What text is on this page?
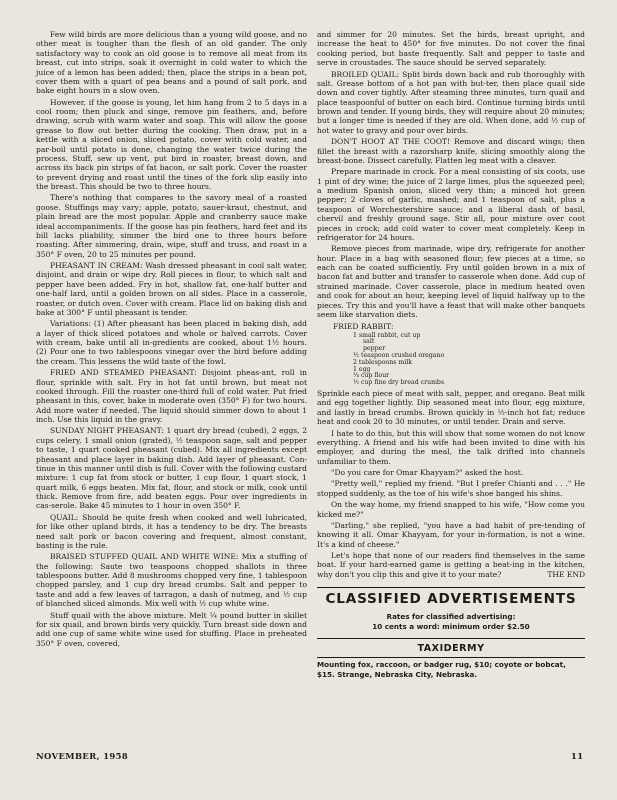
Few wild birds are more delicious than a young wild goose, and no other meat is tougher than the flesh of an old gander. The only satisfactory way to cook an old goose is to remove all meat from its breast, cut into strips, soak it overnight in cold water to which the juice of a lemon has been added; then, place the strips in a bean pot, cover them with a quart of pea beans and a pound of salt pork, and bake eight hours in a slow oven.

However, if the goose is young, let him hang from 2 to 5 days in a cool room; then pluck and singe, remove pin feathers, and, before drawing, scrub with warm water and soap. This will allow the goose grease to flow out better during the cooking. Then draw, put in a kettle with a sliced onion, sliced potato, cover with cold water, and par-boil until potato is done, changing the water twice during the process. Stuff, sew up vent, put bird in roaster, breast down, and across its back pin strips of fat bacon, or salt pork. Cover the roaster to prevent drying and roast until the tines of the fork slip easily into the breast. This should be two to three hours.

There's nothing that compares to the savory meal of a roasted goose. Stuffings may vary; apple, potato, sauer-kraut, chestnut, and plain bread are the most popular. Apple and cranberry sauce make ideal accompaniments. If the goose has pin feathers, hard feet and its bill lacks pliability, simmer the bird one to three hours before roasting. After simmering, drain, wipe, stuff and truss, and roast in a 350° F oven, 20 to 25 minutes per pound.

PHEASANT IN CREAM: Wash dressed pheasant in cool salt water, disjoint, and drain or wipe dry. Roll pieces in flour, to which salt and pepper have been added. Fry in hot, shallow fat, one-half butter and one-half lard, until a golden brown on all sides. Place in a casserole, roaster, or dutch oven. Cover with cream. Place lid on baking dish and bake at 300° F until pheasant is tender.

Variations: (1) After pheasant has been placed in baking dish, add a layer of thick sliced potatoes and whole or halved carrots. Cover with cream, bake until all in-gredients are cooked, about 1½ hours. (2) Pour one to two tablespoons vinegar over the bird before adding the cream. This lessens the wild taste of the fowl.

FRIED AND STEAMED PHEASANT: Disjoint pheas-ant, roll in flour, sprinkle with salt. Fry in hot fat until brown, but meat not cooked through. Fill the roaster one-third full of cold water. Put fried pheasant in this, cover, bake in moderate oven (350° F) for two hours. Add more water if needed. The liquid should simmer down to about 1 inch. Use this liquid in the gravy.

SUNDAY NIGHT PHEASANT: 1 quart dry bread (cubed), 2 eggs, 2 cups celery, 1 small onion (grated), ½ teaspoon sage, salt and pepper to taste, 1 quart cooked pheasant (cubed). Mix all ingredients except pheasant and place layer in baking dish. Add layer of pheasant. Con-tinue in this manner until dish is full. Cover with the following custard mixture: 1 cup fat from stock or butter, 1 cup flour, 1 quart stock, 1 quart milk, 6 eggs beaten. Mix fat, flour, and stock or milk, cook until thick. Remove from fire, add beaten eggs. Pour over ingredients in cas-serole. Bake 45 minutes to 1 hour in oven 350° F.

QUAIL: Should be quite fresh when cooked and well lubricated, for like other upland birds, it has a tendency to be dry. The breasts need salt pork or bacon covering and frequent, almost constant, basting is the rule.

BRAISED STUFFED QUAIL AND WHITE WINE: Mix a stuffing of the following: Saute two teaspoons chopped shallots in three tablespoons butter. Add 8 mushrooms chopped very fine, 1 tablespoon chopped parsley, and 1 cup dry bread crumbs. Salt and pepper to taste and add a few leaves of tarragon, a dash of nutmeg, and ½ cup of blanched sliced almonds. Mix well with ½ cup white wine.

Stuff quail with the above mixture. Melt ¼ pound butter in skillet for six quail, and brown birds very quickly. Turn breast side down and add one cup of same white wine used for stuffing. Place in preheated 350° F oven, covered,

and simmer for 20 minutes. Set the birds, breast upright, and increase the heat to 450° for five minutes. Do not cover the final cooking period, but baste frequently. Salt and pepper to taste and serve in croustades. The sauce should be served separately.

BROILED QUAIL: Split birds down back and rub thoroughly with salt. Grease bottom of a hot pan with but-ter, then place quail side down and cover tightly. After steaming three minutes, turn quail and place teaspoonful of butter on each bird. Continue turning birds until brown and tender. If young birds, they will require about 20 minutes; but a longer time is needed if they are old. When done, add ½ cup of hot water to gravy and pour over birds.

DON'T HOOT AT THE COOT! Remove and discard wings; then fillet the breast with a razorsharp knife, slicing smoothly along the breast-bone. Dissect carefully. Flatten leg meat with a cleaver.

Prepare marinade in crock. For a meal consisting of six coots, use 1 pint of dry wine; the juice of 2 large limes, plus the squeezed peel; a medium Spanish onion, sliced very thin; a minced hot green pepper; 2 cloves of garlic, mashed; and 1 teaspoon of salt, plus a teaspoon of Worchestershire sauce; and a liberal dash of basil, chervil and freshly ground sage. Stir all, pour mixture over coot pieces in crock; add cold water to cover meat completely. Keep in refrigerator for 24 hours.

Remove pieces from marinade, wipe dry, refrigerate for another hour. Place in a bag with seasoned flour; few pieces at a time, so each can be coated sufficiently. Fry until golden brown in a mix of bacon fat and butter and transfer to casserole when done. Add cup of strained marinade. Cover casserole, place in medium heated oven and cook for about an hour, keeping level of liquid halfway up to the pieces. Try this and you'll have a feast that will make other banquets seem like starvation diets.

FRIED RABBIT:

1 small rabbit, cut up
salt
pepper
½ teaspoon crushed oregano
2 tablespoons milk
1 egg
¼ cup flour
½ cup fine dry bread crumbs

Sprinkle each piece of meat with salt, pepper, and oregano. Beat milk and egg together lightly. Dip seasoned meat into flour, egg mixture, and lastly in bread crumbs. Brown quickly in ½-inch hot fat; reduce heat and cook 20 to 30 minutes, or until tender. Drain and serve.

I hate to do this, but this will show that some women do not know everything. A friend and his wife had been invited to dine with his employer, and during the meal, the talk drifted into channels unfamiliar to them.

"Do you care for Omar Khayyam?" asked the host.

"Pretty well," replied my friend. "But I prefer Chianti and . . ." He stopped suddenly, as the toe of his wife's shoe banged his shins.

On the way home, my friend snapped to his wife, "How come you kicked me?"

"Darling," she replied, "you have a bad habit of pre-tending of knowing it all. Omar Khayyam, for your in-formation, is not a wine. It's a kind of cheese."

Let's hope that none of our readers find themselves in the same boat. If your hard-earned game is getting a beat-ing in the kitchen, why don't you clip this and give it to your mate?	THE END

CLASSIFIED ADVERTISEMENTS
Rates for classified advertising:
10 cents a word: minimum order $2.50
TAXIDERMY
Mounting fox, raccoon, or badger rug, $10; coyote or bobcat, $15. Strange, Nebraska City, Nebraska.
NOVEMBER, 1958	11
